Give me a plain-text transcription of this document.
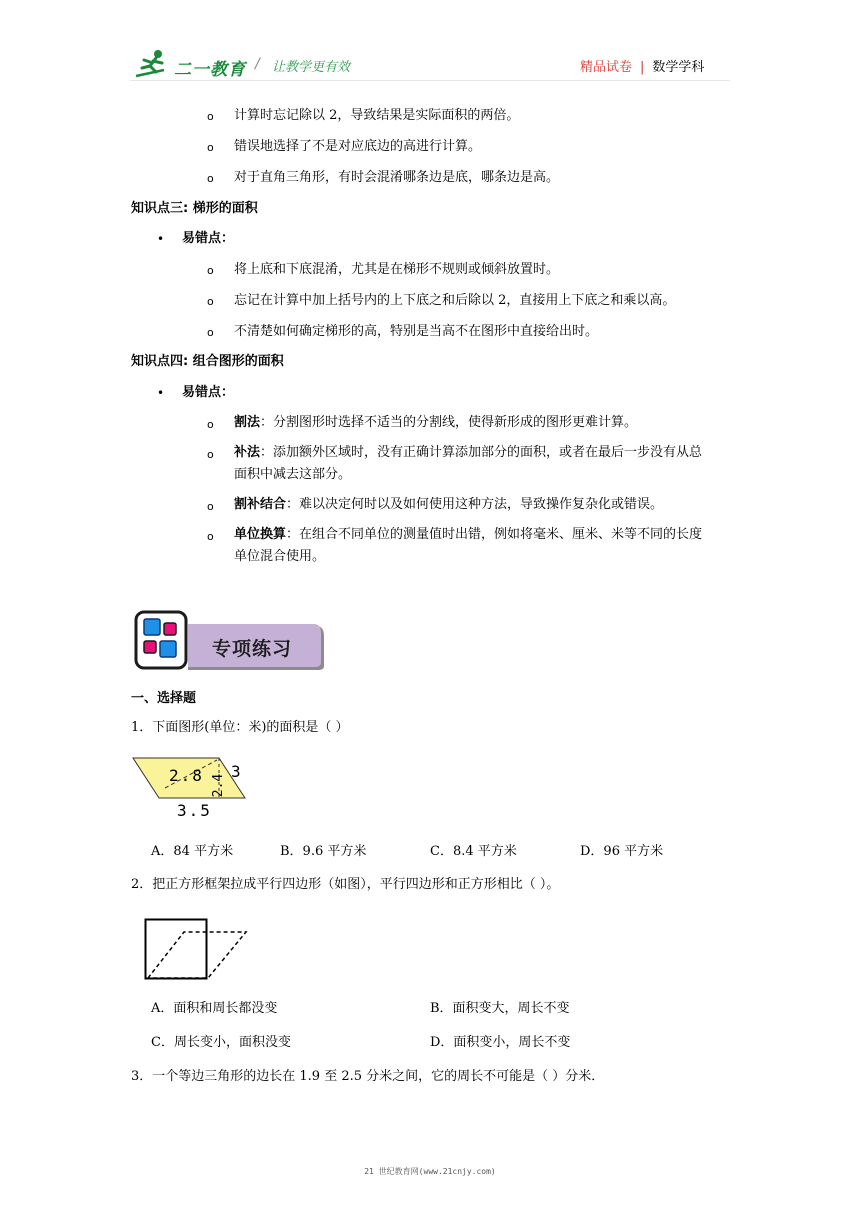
二一教育 / 让教学更有效	精品试卷 | 数学学科
o 计算时忘记除以 2，导致结果是实际面积的两倍。
o 错误地选择了不是对应底边的高进行计算。
o 对于直角三角形，有时会混淆哪条边是底，哪条边是高。
知识点三: 梯形的面积
• 易错点：
o 将上底和下底混淆，尤其是在梯形不规则或倾斜放置时。
o 忘记在计算中加上括号内的上下底之和后除以 2，直接用上下底之和乘以高。
o 不清楚如何确定梯形的高，特别是当高不在图形中直接给出时。
知识点四: 组合图形的面积
• 易错点：
o 割法：分割图形时选择不适当的分割线，使得新形成的图形更难计算。
o 补法：添加额外区域时，没有正确计算添加部分的面积，或者在最后一步没有从总
面积中减去这部分。
o 割补结合：难以决定何时以及如何使用这种方法，导致操作复杂化或错误。
o 单位换算：在组合不同单位的测量值时出错，例如将毫米、厘米、米等不同的长度
单位混合使用。
专项练习
一、选择题
1．下面图形(单位：米)的面积是（ ）
2.8 2.4
3
3.5
A．84 平方米	B．9.6 平方米	C．8.4 平方米	D．96 平方米
2．把正方形框架拉成平行四边形（如图），平行四边形和正方形相比（ ）。
A．面积和周长都没变	B．面积变大，周长不变
C．周长变小，面积没变	D．面积变小，周长不变
3．一个等边三角形的边长在 1.9 至 2.5 分米之间，它的周长不可能是（ ）分米．
21 世纪教育网(www.21cnjy.com)
